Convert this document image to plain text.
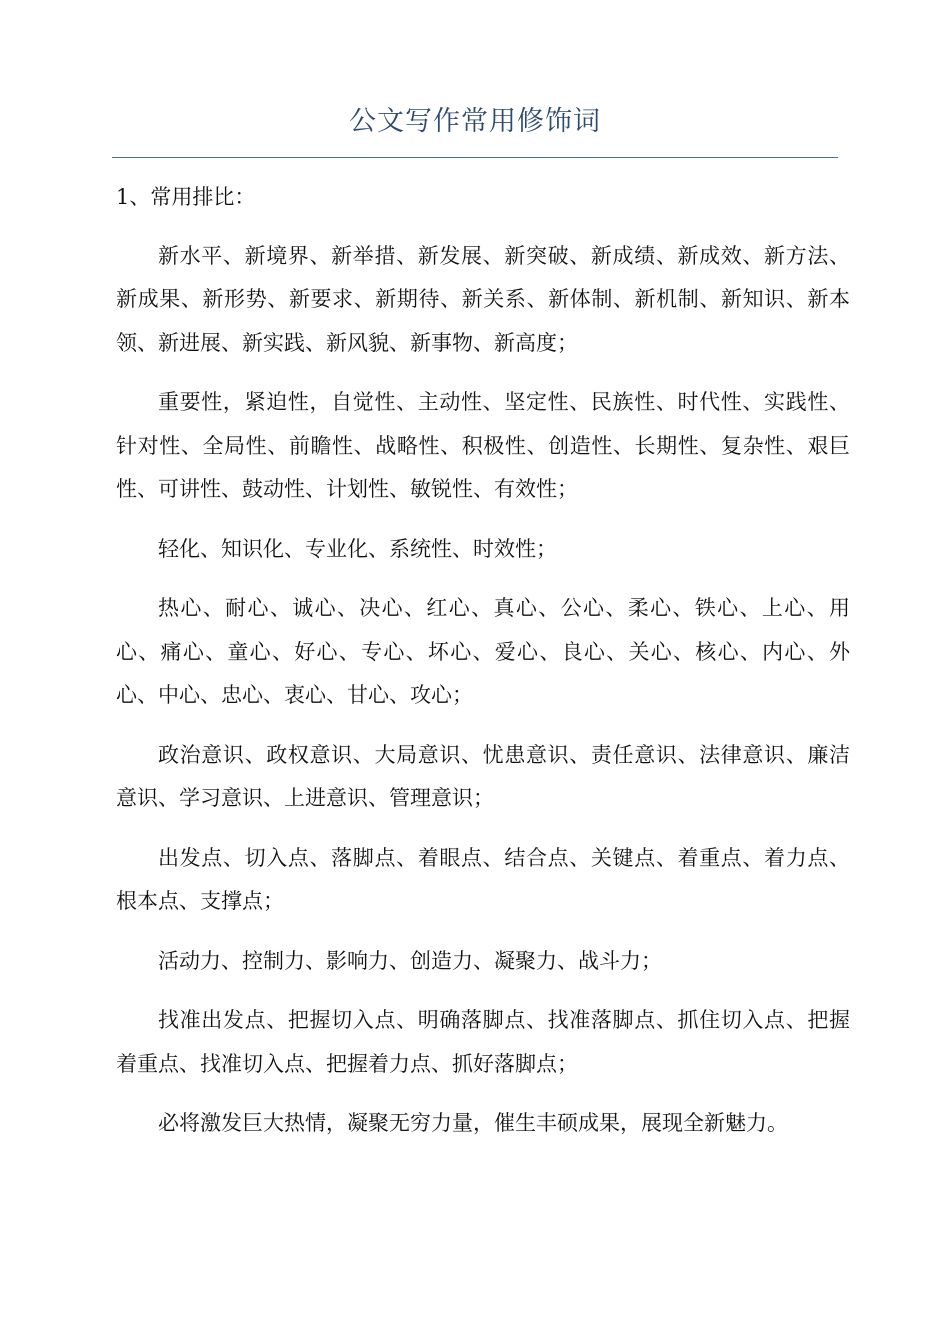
公文写作常用修饰词

1、常用排比：

新水平、新境界、新举措、新发展、新突破、新成绩、新成效、新方法、新成果、新形势、新要求、新期待、新关系、新体制、新机制、新知识、新本领、新进展、新实践、新风貌、新事物、新高度；

重要性，紧迫性，自觉性、主动性、坚定性、民族性、时代性、实践性、针对性、全局性、前瞻性、战略性、积极性、创造性、长期性、复杂性、艰巨性、可讲性、鼓动性、计划性、敏锐性、有效性；

轻化、知识化、专业化、系统性、时效性；

热心、耐心、诚心、决心、红心、真心、公心、柔心、铁心、上心、用心、痛心、童心、好心、专心、坏心、爱心、良心、关心、核心、内心、外心、中心、忠心、衷心、甘心、攻心；

政治意识、政权意识、大局意识、忧患意识、责任意识、法律意识、廉洁意识、学习意识、上进意识、管理意识；

出发点、切入点、落脚点、着眼点、结合点、关键点、着重点、着力点、根本点、支撑点；

活动力、控制力、影响力、创造力、凝聚力、战斗力；

找准出发点、把握切入点、明确落脚点、找准落脚点、抓住切入点、把握着重点、找准切入点、把握着力点、抓好落脚点；

必将激发巨大热情，凝聚无穷力量，催生丰硕成果，展现全新魅力。
